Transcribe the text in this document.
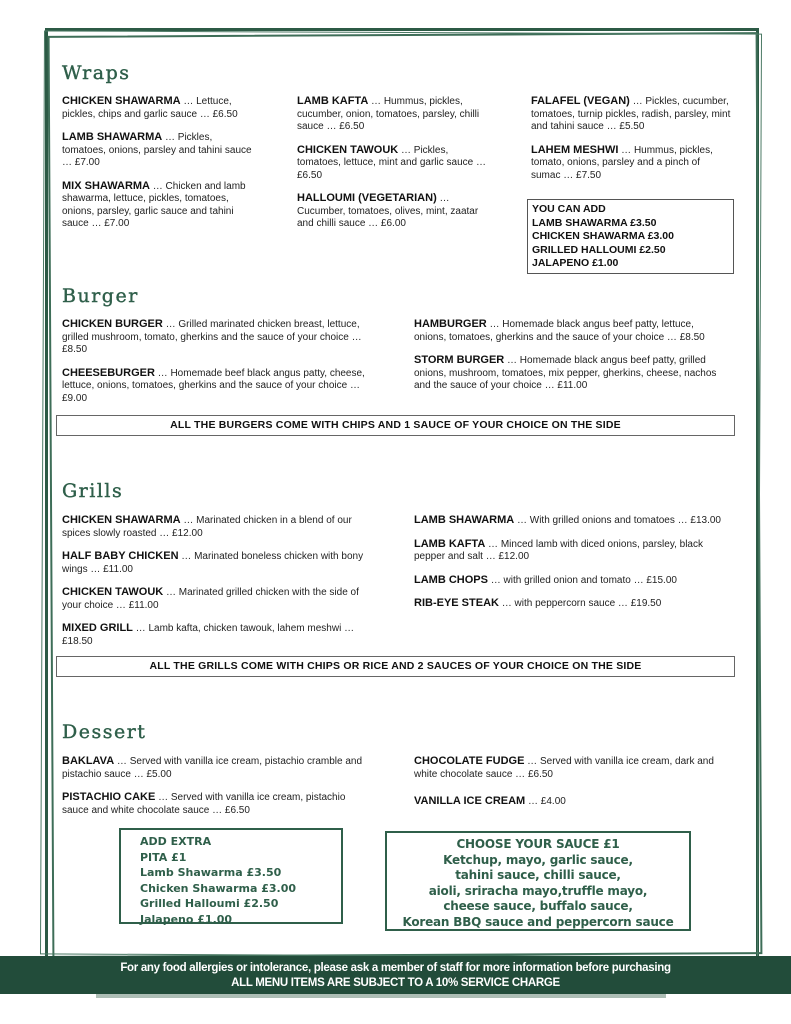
Wraps

CHICKEN SHAWARMA … Lettuce, pickles, chips and garlic sauce … £6.50

LAMB SHAWARMA … Pickles, tomatoes, onions, parsley and tahini sauce … £7.00

MIX SHAWARMA … Chicken and lamb shawarma, lettuce, pickles, tomatoes, onions, parsley, garlic sauce and tahini sauce … £7.00

LAMB KAFTA … Hummus, pickles, cucumber, onion, tomatoes, parsley, chilli sauce … £6.50

CHICKEN TAWOUK … Pickles, tomatoes, lettuce, mint and garlic sauce … £6.50

HALLOUMI (VEGETARIAN) … Cucumber, tomatoes, olives, mint, zaatar and chilli sauce … £6.00

FALAFEL (VEGAN) … Pickles, cucumber, tomatoes, turnip pickles, radish, parsley, mint and tahini sauce … £5.50

LAHEM MESHWI … Hummus, pickles, tomato, onions, parsley and a pinch of sumac … £7.50

YOU CAN ADD
LAMB SHAWARMA £3.50
CHICKEN SHAWARMA £3.00
GRILLED HALLOUMI £2.50
JALAPENO £1.00
Burger

CHICKEN BURGER … Grilled marinated chicken breast, lettuce, grilled mushroom, tomato, gherkins and the sauce of your choice … £8.50

CHEESEBURGER … Homemade beef black angus patty, cheese, lettuce, onions, tomatoes, gherkins and the sauce of your choice … £9.00

HAMBURGER … Homemade black angus beef patty, lettuce, onions, tomatoes, gherkins and the sauce of your choice … £8.50

STORM BURGER … Homemade black angus beef patty, grilled onions, mushroom, tomatoes, mix pepper, gherkins, cheese, nachos and the sauce of your choice … £11.00

ALL THE BURGERS COME WITH CHIPS AND 1 SAUCE OF YOUR CHOICE ON THE SIDE
Grills

CHICKEN SHAWARMA … Marinated chicken in a blend of our spices slowly roasted … £12.00

HALF BABY CHICKEN … Marinated boneless chicken with bony wings … £11.00

CHICKEN TAWOUK … Marinated grilled chicken with the side of your choice … £11.00

MIXED GRILL … Lamb kafta, chicken tawouk, lahem meshwi … £18.50

LAMB SHAWARMA … With grilled onions and tomatoes … £13.00

LAMB KAFTA … Minced lamb with diced onions, parsley, black pepper and salt … £12.00

LAMB CHOPS … with grilled onion and tomato … £15.00

RIB-EYE STEAK … with peppercorn sauce … £19.50

ALL THE GRILLS COME WITH CHIPS OR RICE AND 2 SAUCES OF YOUR CHOICE ON THE SIDE
Dessert

BAKLAVA … Served with vanilla ice cream, pistachio cramble and pistachio sauce … £5.00

PISTACHIO CAKE … Served with vanilla ice cream, pistachio sauce and white chocolate sauce … £6.50

CHOCOLATE FUDGE … Served with vanilla ice cream, dark and white chocolate sauce … £6.50

VANILLA ICE CREAM … £4.00

ADD EXTRA
PITA £1
Lamb Shawarma £3.50
Chicken Shawarma £3.00
Grilled Halloumi £2.50
Jalapeno £1.00
CHOOSE YOUR SAUCE £1
Ketchup, mayo, garlic sauce,
tahini sauce, chilli sauce,
aioli, sriracha mayo,truffle mayo,
cheese sauce, buffalo sauce,
Korean BBQ sauce and peppercorn sauce
For any food allergies or intolerance, please ask a member of staff for more information before purchasing
ALL MENU ITEMS ARE SUBJECT TO A 10% SERVICE CHARGE
